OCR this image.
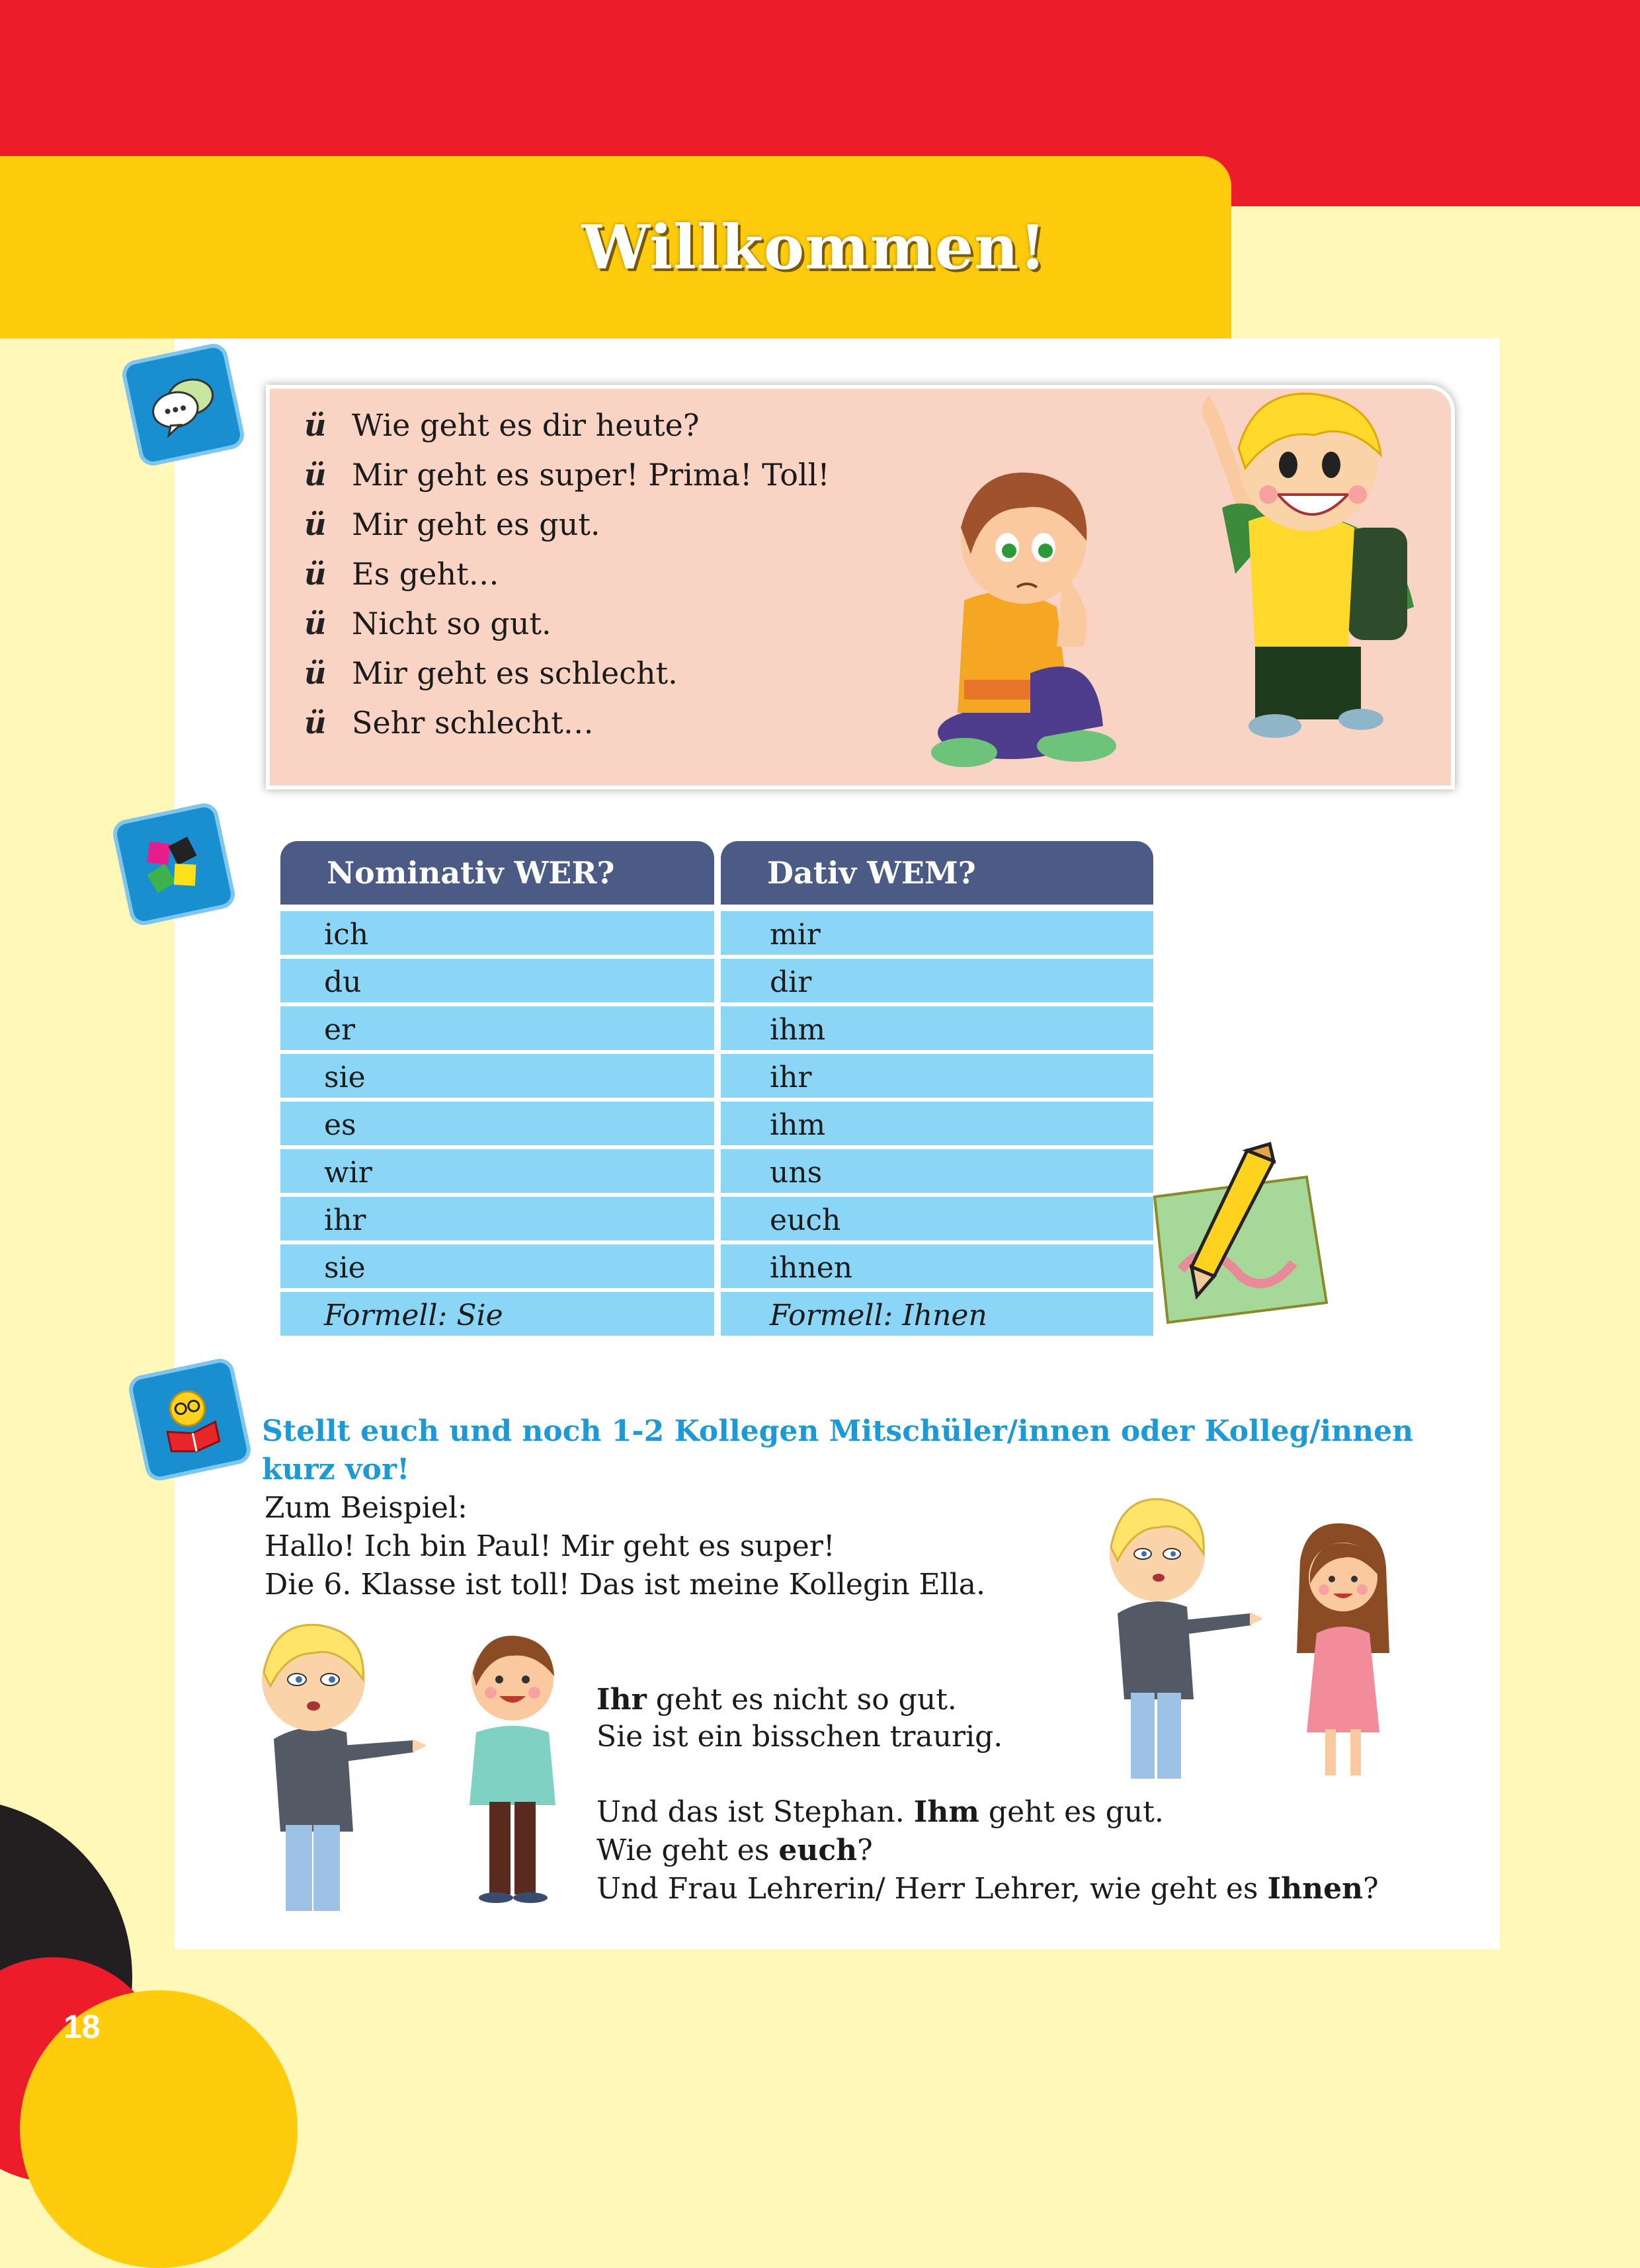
Willkommen!
18
ü Wie geht es dir heute?
ü Mir geht es super! Prima! Toll!
ü Mir geht es gut.
ü Es geht…
ü Nicht so gut.
ü Mir geht es schlecht.
ü Sehr schlecht…
Nominativ WER?	Dativ WEM?
ich	mir
du	dir
er	ihm
sie	ihr
es	ihm
wir	uns
ihr	euch
sie	ihnen
Formell: Sie	Formell: Ihnen
Stellt euch und noch 1-2 Kollegen Mitschüler/innen oder Kolleg/innen kurz vor!
Zum Beispiel:
Hallo! Ich bin Paul! Mir geht es super!
Die 6. Klasse ist toll! Das ist meine Kollegin Ella.
Ihr geht es nicht so gut.
Sie ist ein bisschen traurig.
Und das ist Stephan. Ihm geht es gut.
Wie geht es euch?
Und Frau Lehrerin/ Herr Lehrer, wie geht es Ihnen?
